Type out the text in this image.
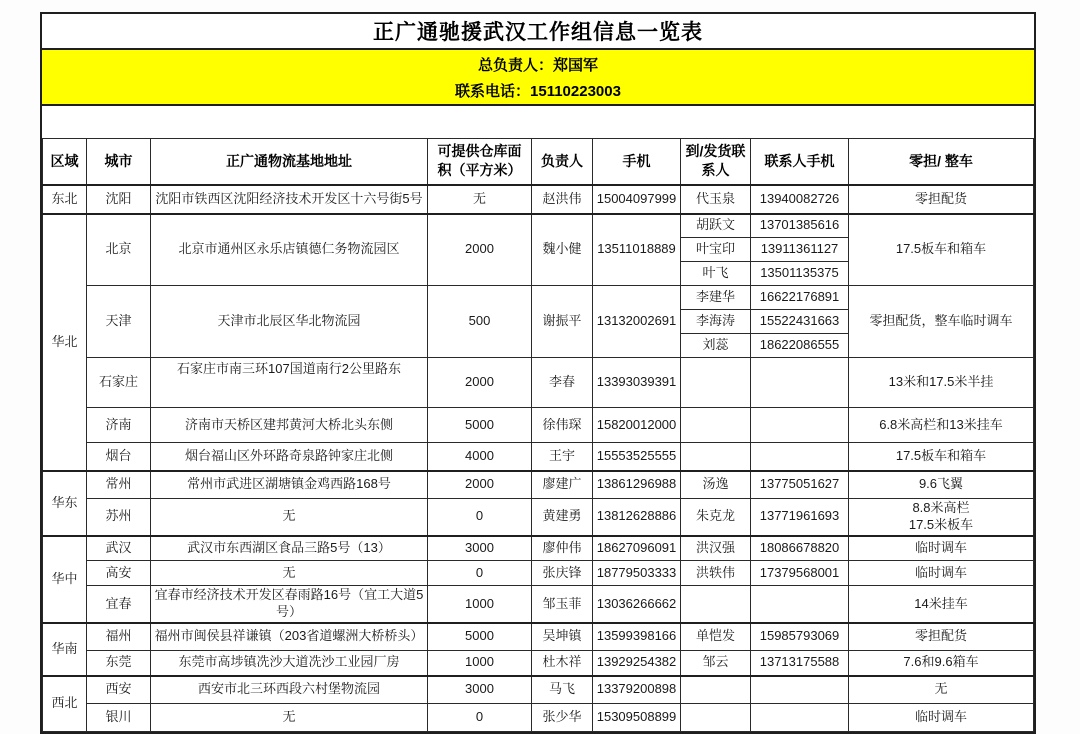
正广通驰援武汉工作组信息一览表
总负责人：郑国军
联系电话：15110223003
区域	城市	正广通物流基地地址	可提供仓库面积（平方米）	负责人	手机	到/发货联系人	联系人手机	零担/ 整车
东北	沈阳	沈阳市铁西区沈阳经济技术开发区十六号街5号	无	赵洪伟	15004097999	代玉泉	13940082726	零担配货
华北	北京	北京市通州区永乐店镇德仁务物流园区	2000	魏小健	13511018889	胡跃文	13701385616	17.5板车和箱车
						叶宝印	13911361127	
						叶飞	13501135375	
	天津	天津市北辰区华北物流园	500	谢振平	13132002691	李建华	16622176891	零担配货，整车临时调车
						李海涛	15522431663	
						刘蕊	18622086555	
	石家庄	石家庄市南三环107国道南行2公里路东	2000	李春	13393039391			13米和17.5米半挂
	济南	济南市天桥区建邦黄河大桥北头东侧	5000	徐伟琛	15820012000			6.8米高栏和13米挂车
	烟台	烟台福山区外环路奇泉路钟家庄北侧	4000	王宇	15553525555			17.5板车和箱车
华东	常州	常州市武进区湖塘镇金鸡西路168号	2000	廖建广	13861296988	汤逸	13775051627	9.6飞翼
	苏州	无	0	黄建勇	13812628886	朱克龙	13771961693	8.8米高栏
17.5米板车
华中	武汉	武汉市东西湖区食品三路5号（13）	3000	廖仲伟	18627096091	洪汉强	18086678820	临时调车
	高安	无	0	张庆锋	18779503333	洪轶伟	17379568001	临时调车
	宜春	宜春市经济技术开发区春雨路16号（宜工大道5号）	1000	邹玉菲	13036266662			14米挂车
华南	福州	福州市闽侯县祥谦镇（203省道螺洲大桥桥头）	5000	吴坤镇	13599398166	单恺发	15985793069	零担配货
	东莞	东莞市高埗镇冼沙大道冼沙工业园厂房	1000	杜木祥	13929254382	邹云	13713175588	7.6和9.6箱车
西北	西安	西安市北三环西段六村堡物流园	3000	马飞	13379200898			无
	银川	无	0	张少华	15309508899			临时调车
